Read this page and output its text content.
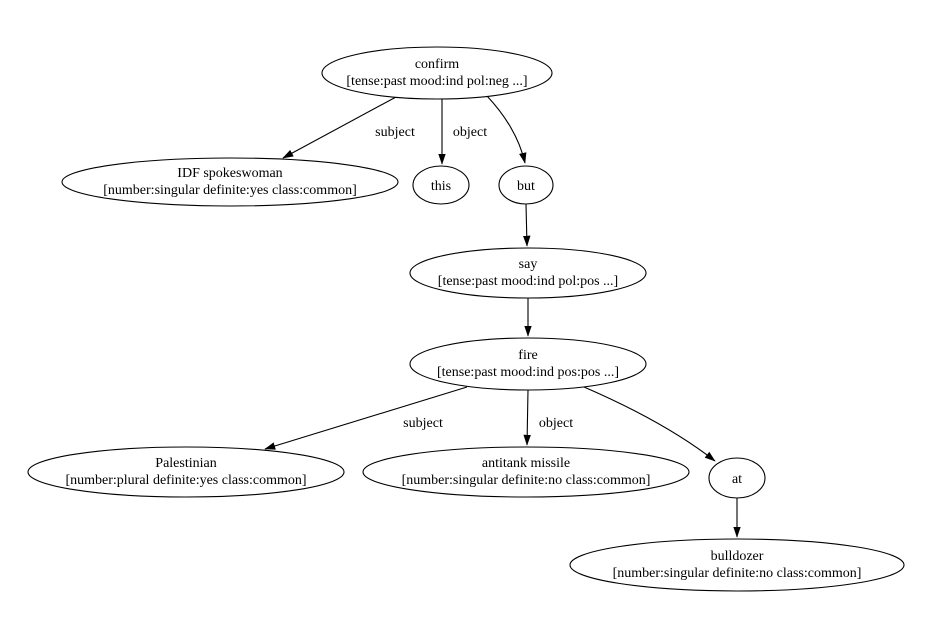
subject	object
subject	object
confirm [tense:past mood:ind pol:neg ...]
IDF spokeswoman [number:singular definite:yes class:common]	this	but
say [tense:past mood:ind pol:pos ...]
fire [tense:past mood:ind pos:pos ...]
Palestinian [number:plural definite:yes class:common]
antitank missile [number:singular definite:no class:common]	at
bulldozer [number:singular definite:no class:common]
